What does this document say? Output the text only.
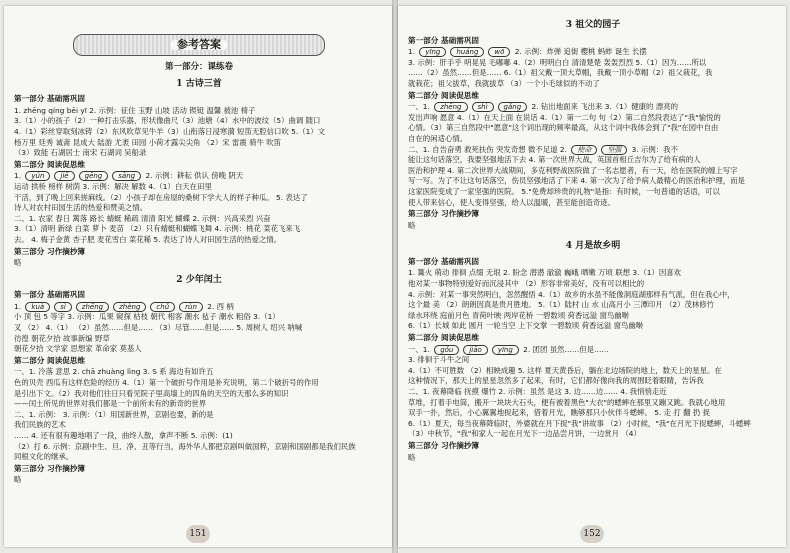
参考答案
第一部分：课练卷
1 古诗三首
第一部分 基础需巩固
1. zhēng qíng bēi yī 2. 示例：征住 玉野 山坡 活动 锲铤 温馨 被池 椅子
3.（1）小的孩子（2）一种打击乐器，形状像曲尺（3）池塘（4）水中的波纹（5）曲调 随口
4.（1）彩丝穿取刻冰铸（2）东风吹草见牛羊（3）山衔落日浸寒漪 短笛无腔信口吹 5.（1）文
杨万里 廷秀 诚斋 昆成大 陆游 尤袤 田园 小荷才露尖尖角 （2）宋 雷震 骑牛 吹笛
（3）致能 石湖居士 南宋 石湖词 吴船录
第二部分 阅读促思维
1. yún jiē gēng sāng 2. 示例：耕耘 供认 傍晚 阴天
运动 拱桥 榜样 树荫 3. 示例：解决 解数 4.（1）白天在田里
干活，到了晚上回来搓麻线。（2）小孩子却在房屋的桑树下学大人的样子种瓜。 5. 表达了
诗人对农村田园生活的热爱和赞美之情。
二、1. 农家 春日 篱落 路长 蜻蜓 稀疏 清清 阳光 蝴蝶 2. 示例：兴高采烈 兴奋
3.（1）清明 新绿 白菜 萝卜 麦苗 （2）只有蜻蜓和蝴蝶飞舞 4. 示例：桃花 菜花飞来飞
去。 4. 梅子金黄 杏子肥 麦花雪白 菜花稀 5. 表达了诗人对田园生活的热爱之情。
第三部分 习作摘抄簿
略
2 少年闰土
第一部分 基础需巩固
1. kuà sì zhēng zhèng chǔ rùn 2. 西 柄
小 顶 包 5 等字 3. 示例：瓜果 窥探 枯枝 朝代 相客 潮水 毡子 潮水 粗俗 3.（1）
叉 （2） 4.（1） （2）虽然……但是…… （3）尽管……但是…… 5. 周树人 绍兴 呐喊
彷徨 朝花夕拾 故事新编 野草
朝花夕拾 文学家 思想家 革命家 莫基人
第二部分 阅读促思维
一、1. 冷落 意思 2. chā zhuàng lìng 3. S 系 海边有如许五
色的贝壳 西瓜有这样危险的经历 4.（1）第一个破折号作用是补充说明，第二个破折号的作用
是引出下文。（2）我对他们往日只看见院子里高墙上的四角的天空的天那么多的知识
——闰土所见的世界对我们都是一个前所未有的新奇的世界
二、1. 示例： 3. 示例：（1）用国新世界，京剧也要，新的是
我们民族的艺术
…… 4. 还有很有趣地唱了一段，曲终人散，拿声不断 5. 示例：(1)
（2）打 6. 示例：京剧中生、旦、净、丑等行当，海外华人都把京剧叫做国粹，京剧和国剧都是我们民族
同根文化的继承。
第三部分 习作摘抄簿
略
151
3 祖父的园子
第一部分 基础需巩固
1. yīng huáng wō 2. 示例：炸弹 追街 樱桃 蚂蚱 诞生 长摆
3. 示例：肝手乎 明晃晃 毛嘟嘟 4.（2）明明白白 清清楚楚 轰轰烈烈 5.（1）因为……所以
……（2）虽然……但是…… 6.（1）祖父戴一顶大草帽，我戴一顶小草帽（2）祖父栽花，我
就栽花；祖父拔草，我就拔草 （3）一个小毛球似的不动了
第二部分 阅读促思维
一、1. zhēng shì gǎng 2. 钻出地面来 飞出来 3.（1）健康的 漂亮的
发出声响 愿意 4.（1）在天上面 在说话 4.（1）第一二句 句（2）第二自然段表达了"我"愉悦的
心情。（3）第三自然段中"愿意"这个词出现的频率最高，从这个词中我体会到了"我"在园中自由
自在的闲适心情。
二、1. 自告奋勇 救死扶伤 突发奇想 微不足道 2. 使命 坚强 3. 示例：我不
能让这句话落空，我要坚强地活下去 4. 第一次世界大战，英国首相丘吉尔为了给有病的人
医治和护理 4. 第二次世界大战期间，多克利野战医院做了一名志愿者，有一天，给在医院的缠上写字
写一写。为了不让这句话落空，伤员坚强地活了下来 4. 第一次为了给予病人最精心的医治和护理，而是
这家医院变成了一家坚强的医院。 5."免费却珍贵的礼物"是指：有时候，一句普通的话语，可以
使人带来信心，使人变得坚强，给人以温暖，甚至能创造奇迹。
第三部分 习作摘抄簿
略
4 月是故乡明
第一部分 基础需巩固
1. 篝火 萌动 徘徊 点缀 无垠 2. 盼念 潜潜 澈澈 巍峨 晒嫩 万顷 联想 3.（1）因喜欢
他对某一事物特别爱好而沉浸其中 （2）形容非常美好，没有可以相比的
4. 示例：对某一事突然明白，忽然醒悟 4.（1）故乡的水虽不能像洞庭湖那样有气派，但在我心中，
这个最 美 （2）朗朗因真是贵月胜地。 5.（1）陆村 山 水 山高月小 三潭印月 （2）茂林修竹
绿水环绕 庭前月色 青荷叶映 两岸花桥 一碧数顷 荷香远溢 窗鸟幽啭
6.（1）长城 如此 圆月 一轮当空 上下交掌 一碧数顷 荷香远溢 窗鸟幽啭
第二部分 阅读促思维
一、1. gǒu jiāo yīng 2. 团团 虽然……但是……
3. 徘徊于斗牛之间
4.（1）不可胜数 （2）相映成趣 5. 这样 夏天黄昏后，躺在北边场院的地上，数天上的星星。在
这种情况下，那天上的星星忽然多了起来，有时，它们都好像向我的周围眨着眼睛，告诉我
二、1. 夜幕降临 抚摸 爆竹 2. 示例：虽然 是这 3. 边……边…… 4. 我悄悄走近
草堆，打着手电筒，搬开一块块大石头，便有被着黑色"大衣"的蟋蟀在那里又蹦又跳。我就心地用
双手一扑，然后，小心翼翼地捉起来，借着月光，瞧够那只小伙伴斗蟋蟀。 5. 走 打 翻 扔 捉
6.（1）夏天，每当夜幕降临时，外婆就在月下捉"我"讲故事 （2）小时候，"我"在月光下捉蟋蟀，斗蟋蟀
（3）中秋节，"我"和家人一起在月光下一边品尝月饼，一边赏月 （4）
第三部分 习作摘抄簿
略
152
